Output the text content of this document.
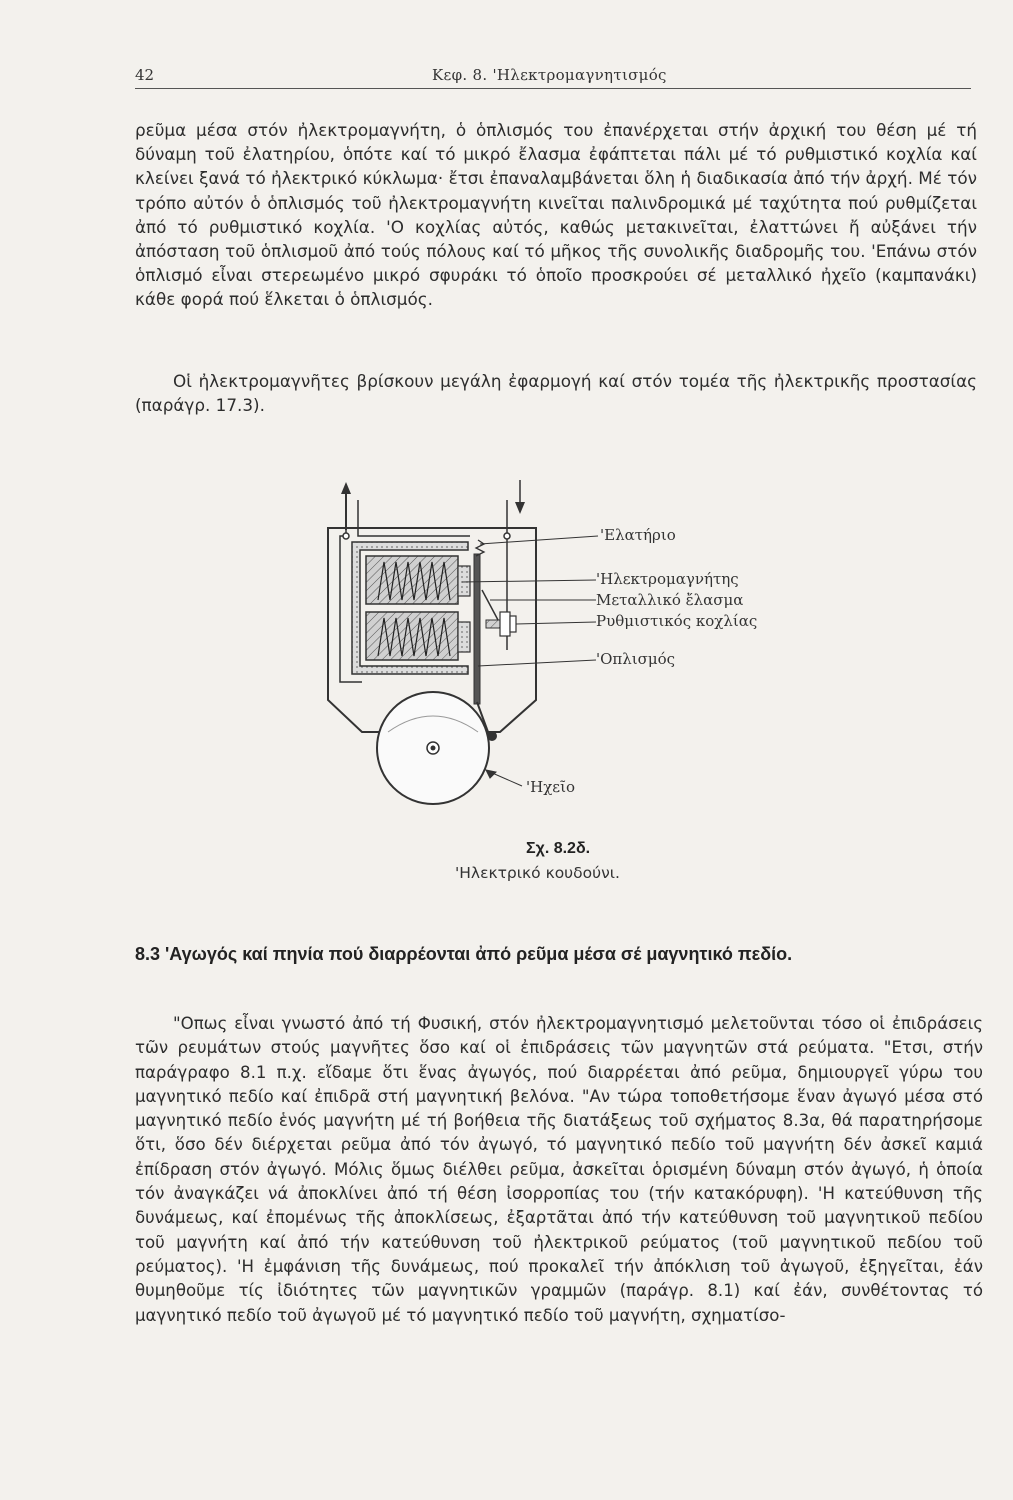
42	Κεφ. 8. 'Ηλεκτρομαγνητισμός

ρεῦμα μέσα στόν ἠλεκτρομαγνήτη, ὁ ὁπλισμός του ἐπανέρχεται στήν ἀρχική του θέση μέ τή δύναμη τοῦ ἐλατηρίου, ὁπότε καί τό μικρό ἔλασμα ἐφάπτεται πάλι μέ τό ρυθμιστικό κοχλία καί κλείνει ξανά τό ἠλεκτρικό κύκλωμα· ἔτσι ἐπαναλαμβάνεται ὅλη ἡ διαδικασία ἀπό τήν ἀρχή. Μέ τόν τρόπο αὐτόν ὁ ὁπλισμός τοῦ ἠλεκτρομαγνήτη κινεῖται παλινδρομικά μέ ταχύτητα πού ρυθμίζεται ἀπό τό ρυθμιστικό κοχλία. 'Ο κοχλίας αὐτός, καθώς μετακινεῖται, ἐλαττώνει ἤ αὐξάνει τήν ἀπόσταση τοῦ ὁπλισμοῦ ἀπό τούς πόλους καί τό μῆκος τῆς συνολικῆς διαδρομῆς του. 'Επάνω στόν ὁπλισμό εἶναι στερεωμένο μικρό σφυράκι τό ὁποῖο προσκρούει σέ μεταλλικό ἠχεῖο (καμπανάκι) κάθε φορά πού ἕλκεται ὁ ὁπλισμός.

Οἱ ἠλεκτρομαγνῆτες βρίσκουν μεγάλη ἐφαρμογή καί στόν τομέα τῆς ἠλεκτρικῆς προστασίας (παράγρ. 17.3).

'Ελατήριο
'Ηλεκτρομαγνήτης
Μεταλλικό ἔλασμα
Ρυθμιστικός κοχλίας
'Οπλισμός
'Ηχεῖο
Σχ. 8.2δ.
'Ηλεκτρικό κουδούνι.
8.3 'Αγωγός καί πηνία πού διαρρέονται ἀπό ρεῦμα μέσα σέ μαγνητικό πεδίο.

"Οπως εἶναι γνωστό ἀπό τή Φυσική, στόν ἠλεκτρομαγνητισμό μελετοῦνται τόσο οἱ ἐπιδράσεις τῶν ρευμάτων στούς μαγνῆτες ὅσο καί οἱ ἐπιδράσεις τῶν μαγνητῶν στά ρεύματα. "Ετσι, στήν παράγραφο 8.1 π.χ. εἴδαμε ὅτι ἕνας ἀγωγός, πού διαρρέεται ἀπό ρεῦμα, δημιουργεῖ γύρω του μαγνητικό πεδίο καί ἐπιδρᾶ στή μαγνητική βελόνα. "Αν τώρα τοποθετήσομε ἕναν ἀγωγό μέσα στό μαγνητικό πεδίο ἑνός μαγνήτη μέ τή βοήθεια τῆς διατάξεως τοῦ σχήματος 8.3α, θά παρατηρήσομε ὅτι, ὅσο δέν διέρχεται ρεῦμα ἀπό τόν ἀγωγό, τό μαγνητικό πεδίο τοῦ μαγνήτη δέν ἀσκεῖ καμιά ἐπίδραση στόν ἀγωγό. Μόλις ὅμως διέλθει ρεῦμα, ἀσκεῖται ὁρισμένη δύναμη στόν ἀγωγό, ἡ ὁποία τόν ἀναγκάζει νά ἀποκλίνει ἀπό τή θέση ἰσορροπίας του (τήν κατακόρυφη). 'Η κατεύθυνση τῆς δυνάμεως, καί ἐπομένως τῆς ἀποκλίσεως, ἐξαρτᾶται ἀπό τήν κατεύθυνση τοῦ μαγνητικοῦ πεδίου τοῦ μαγνήτη καί ἀπό τήν κατεύθυνση τοῦ ἠλεκτρικοῦ ρεύματος (τοῦ μαγνητικοῦ πεδίου τοῦ ρεύματος). 'Η ἐμφάνιση τῆς δυνάμεως, πού προκαλεῖ τήν ἀπόκλιση τοῦ ἀγωγοῦ, ἐξηγεῖται, ἐάν θυμηθοῦμε τίς ἰδιότητες τῶν μαγνητικῶν γραμμῶν (παράγρ. 8.1) καί ἐάν, συνθέτοντας τό μαγνητικό πεδίο τοῦ ἀγωγοῦ μέ τό μαγνητικό πεδίο τοῦ μαγνήτη, σχηματίσο-
